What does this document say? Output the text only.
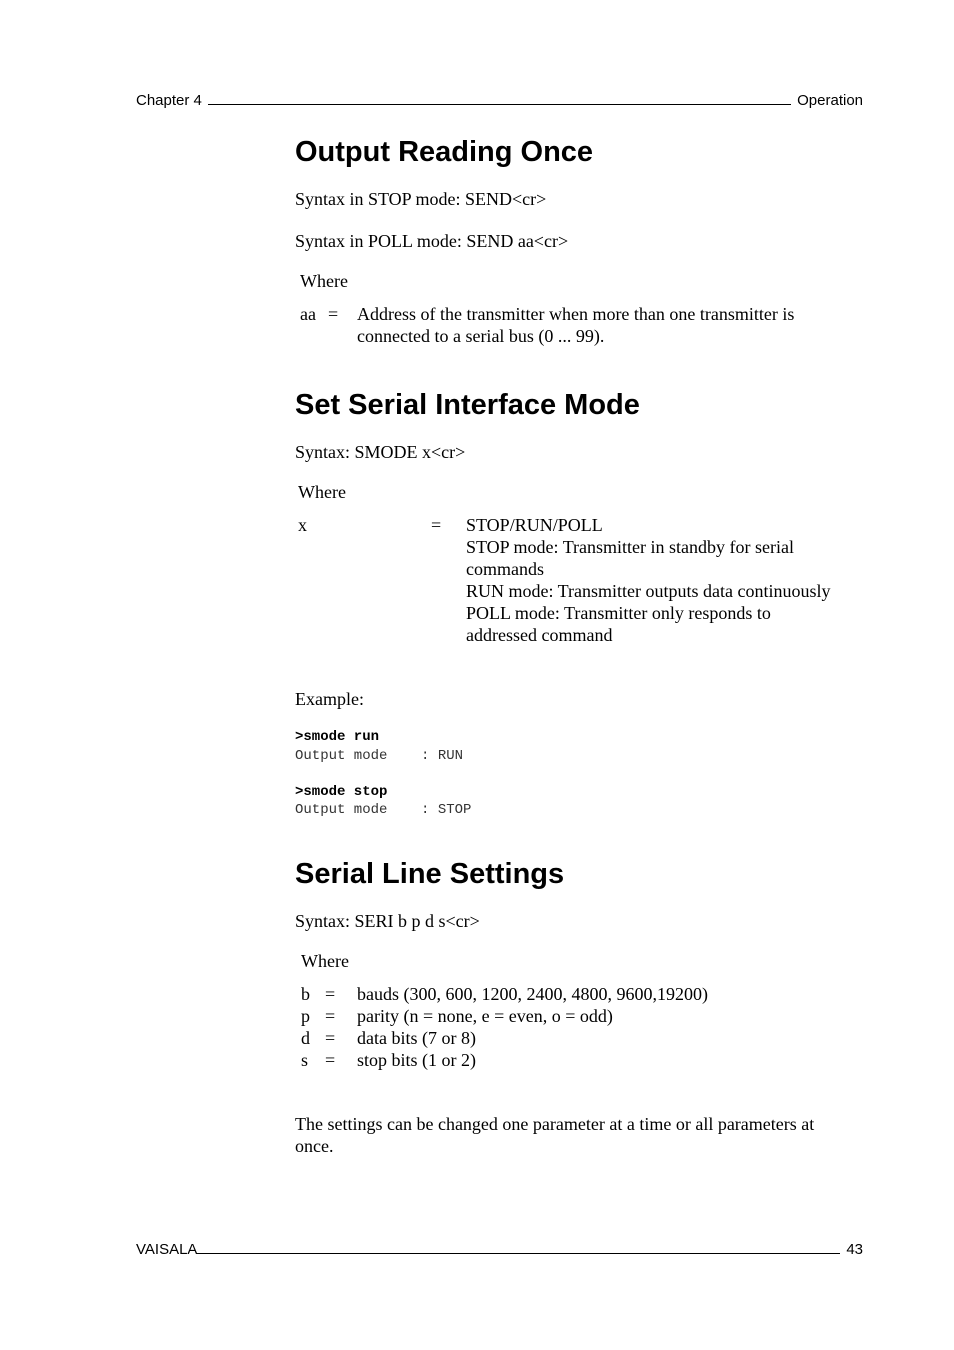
Chapter 4	Operation
Output Reading Once
Syntax in STOP mode: SEND<cr>
Syntax in POLL mode: SEND aa<cr>
Where
aa =	Address of the transmitter when more than one transmitter is
connected to a serial bus (0 ... 99).
Set Serial Interface Mode
Syntax: SMODE x<cr>
Where
x	=	STOP/RUN/POLL
STOP mode: Transmitter in standby for serial
commands
RUN mode: Transmitter outputs data continuously
POLL mode: Transmitter only responds to
addressed command
Example:
>smode run
Output mode    : RUN
>smode stop
Output mode    : STOP
Serial Line Settings
Syntax: SERI b p d s<cr>
Where
b =	bauds (300, 600, 1200, 2400, 4800, 9600,19200)
p =	parity (n = none, e = even, o = odd)
d =	data bits (7 or 8)
s =	stop bits (1 or 2)
The settings can be changed one parameter at a time or all parameters at
once.
VAISALA	43
